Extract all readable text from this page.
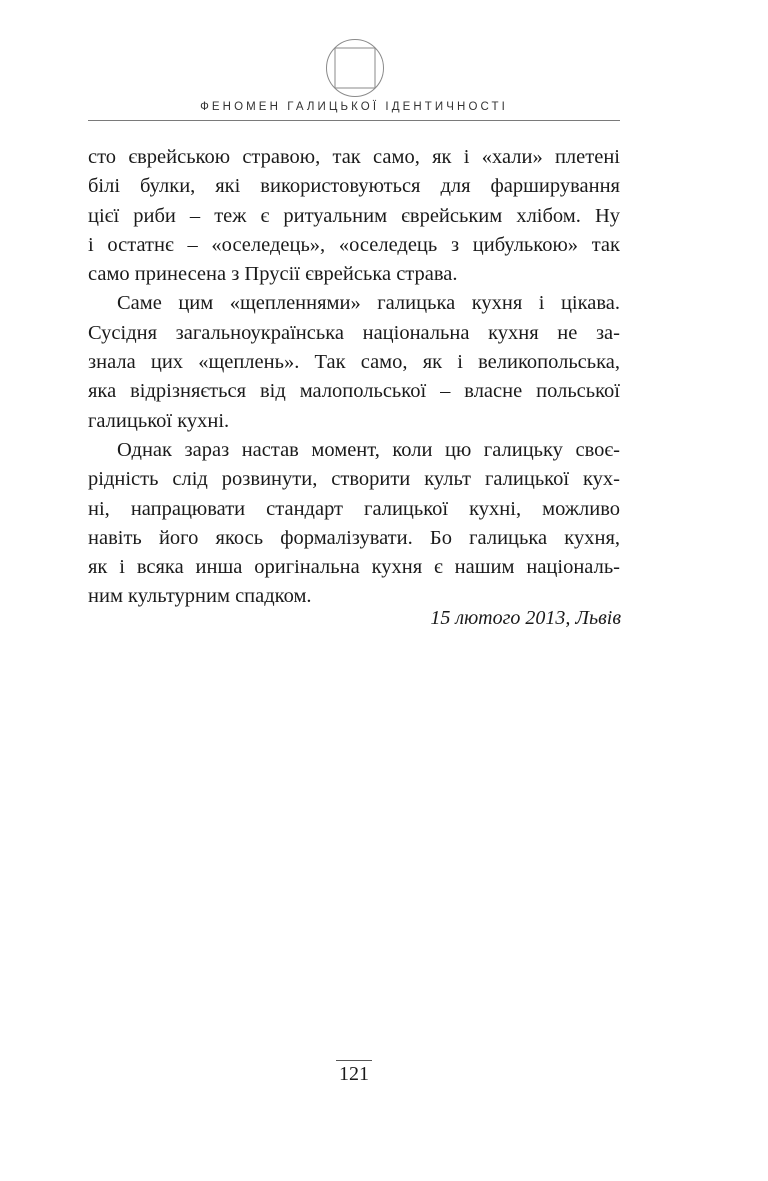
ФЕНОМЕН ГАЛИЦЬКОЇ ІДЕНТИЧНОСТІ
сто єврейською стравою, так само, як і «хали» плетені
білі булки, які використовуються для фарширування
цієї риби – теж є ритуальним єврейським хлібом. Ну
і остатнє – «оселедець», «оселедець з цибулькою» так
само принесена з Прусії єврейська страва.
Саме цим «щепленнями» галицька кухня і цікава.
Сусідня загальноукраїнська національна кухня не за-
знала цих «щеплень». Так само, як і великопольська,
яка відрізняється від малопольської – власне польської
галицької кухні.
Однак зараз настав момент, коли цю галицьку своє-
рідність слід розвинути, створити культ галицької кух-
ні, напрацювати стандарт галицької кухні, можливо
навіть його якось формалізувати. Бо галицька кухня,
як і всяка инша оригінальна кухня є нашим національ-
ним культурним спадком.
15 лютого 2013, Львів
121
